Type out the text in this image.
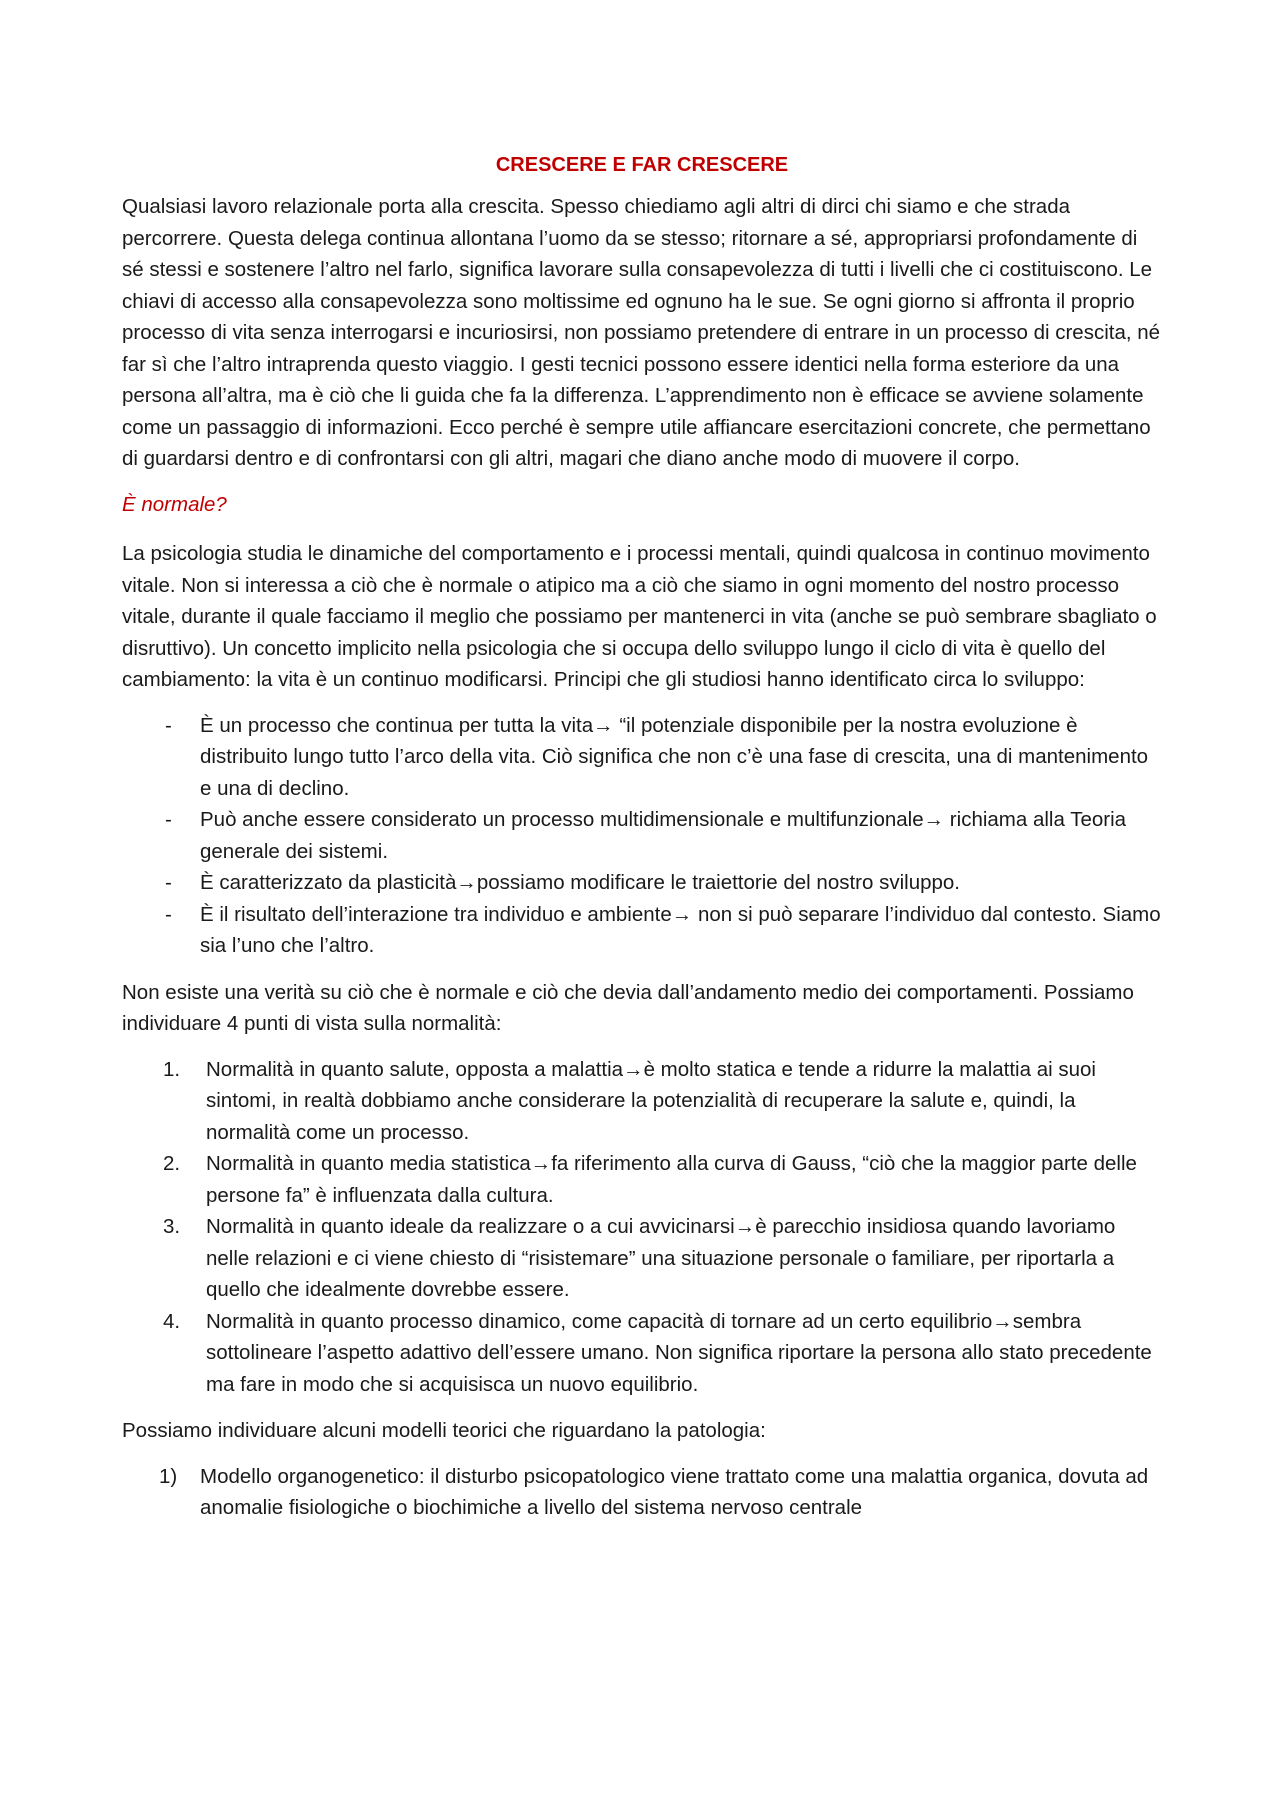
CRESCERE E FAR CRESCERE

Qualsiasi lavoro relazionale porta alla crescita. Spesso chiediamo agli altri di dirci chi siamo e che strada percorrere. Questa delega continua allontana l’uomo da se stesso; ritornare a sé, appropriarsi profondamente di sé stessi e sostenere l’altro nel farlo, significa lavorare sulla consapevolezza di tutti i livelli che ci costituiscono. Le chiavi di accesso alla consapevolezza sono moltissime ed ognuno ha le sue. Se ogni giorno si affronta il proprio processo di vita senza interrogarsi e incuriosirsi, non possiamo pretendere di entrare in un processo di crescita, né far sì che l’altro intraprenda questo viaggio. I gesti tecnici possono essere identici nella forma esteriore da una persona all’altra, ma è ciò che li guida che fa la differenza. L’apprendimento non è efficace se avviene solamente come un passaggio di informazioni. Ecco perché è sempre utile affiancare esercitazioni concrete, che permettano di guardarsi dentro e di confrontarsi con gli altri, magari che diano anche modo di muovere il corpo.

È normale?

La psicologia studia le dinamiche del comportamento e i processi mentali, quindi qualcosa in continuo movimento vitale. Non si interessa a ciò che è normale o atipico ma a ciò che siamo in ogni momento del nostro processo vitale, durante il quale facciamo il meglio che possiamo per mantenerci in vita (anche se può sembrare sbagliato o disruttivo). Un concetto implicito nella psicologia che si occupa dello sviluppo lungo il ciclo di vita è quello del cambiamento: la vita è un continuo modificarsi. Principi che gli studiosi hanno identificato circa lo sviluppo:

- È un processo che continua per tutta la vita→ “il potenziale disponibile per la nostra evoluzione è distribuito lungo tutto l’arco della vita. Ciò significa che non c’è una fase di crescita, una di mantenimento e una di declino.
- Può anche essere considerato un processo multidimensionale e multifunzionale→ richiama alla Teoria generale dei sistemi.
- È caratterizzato da plasticità→possiamo modificare le traiettorie del nostro sviluppo.
- È il risultato dell’interazione tra individuo e ambiente→ non si può separare l’individuo dal contesto. Siamo sia l’uno che l’altro.

Non esiste una verità su ciò che è normale e ciò che devia dall’andamento medio dei comportamenti. Possiamo individuare 4 punti di vista sulla normalità:

1. Normalità in quanto salute, opposta a malattia→è molto statica e tende a ridurre la malattia ai suoi sintomi, in realtà dobbiamo anche considerare la potenzialità di recuperare la salute e, quindi, la normalità come un processo.
2. Normalità in quanto media statistica→fa riferimento alla curva di Gauss, “ciò che la maggior parte delle persone fa” è influenzata dalla cultura.
3. Normalità in quanto ideale da realizzare o a cui avvicinarsi→è parecchio insidiosa quando lavoriamo nelle relazioni e ci viene chiesto di “risistemare” una situazione personale o familiare, per riportarla a quello che idealmente dovrebbe essere.
4. Normalità in quanto processo dinamico, come capacità di tornare ad un certo equilibrio→sembra sottolineare l’aspetto adattivo dell’essere umano. Non significa riportare la persona allo stato precedente ma fare in modo che si acquisisca un nuovo equilibrio.

Possiamo individuare alcuni modelli teorici che riguardano la patologia:

1) Modello organogenetico: il disturbo psicopatologico viene trattato come una malattia organica, dovuta ad anomalie fisiologiche o biochimiche a livello del sistema nervoso centrale
